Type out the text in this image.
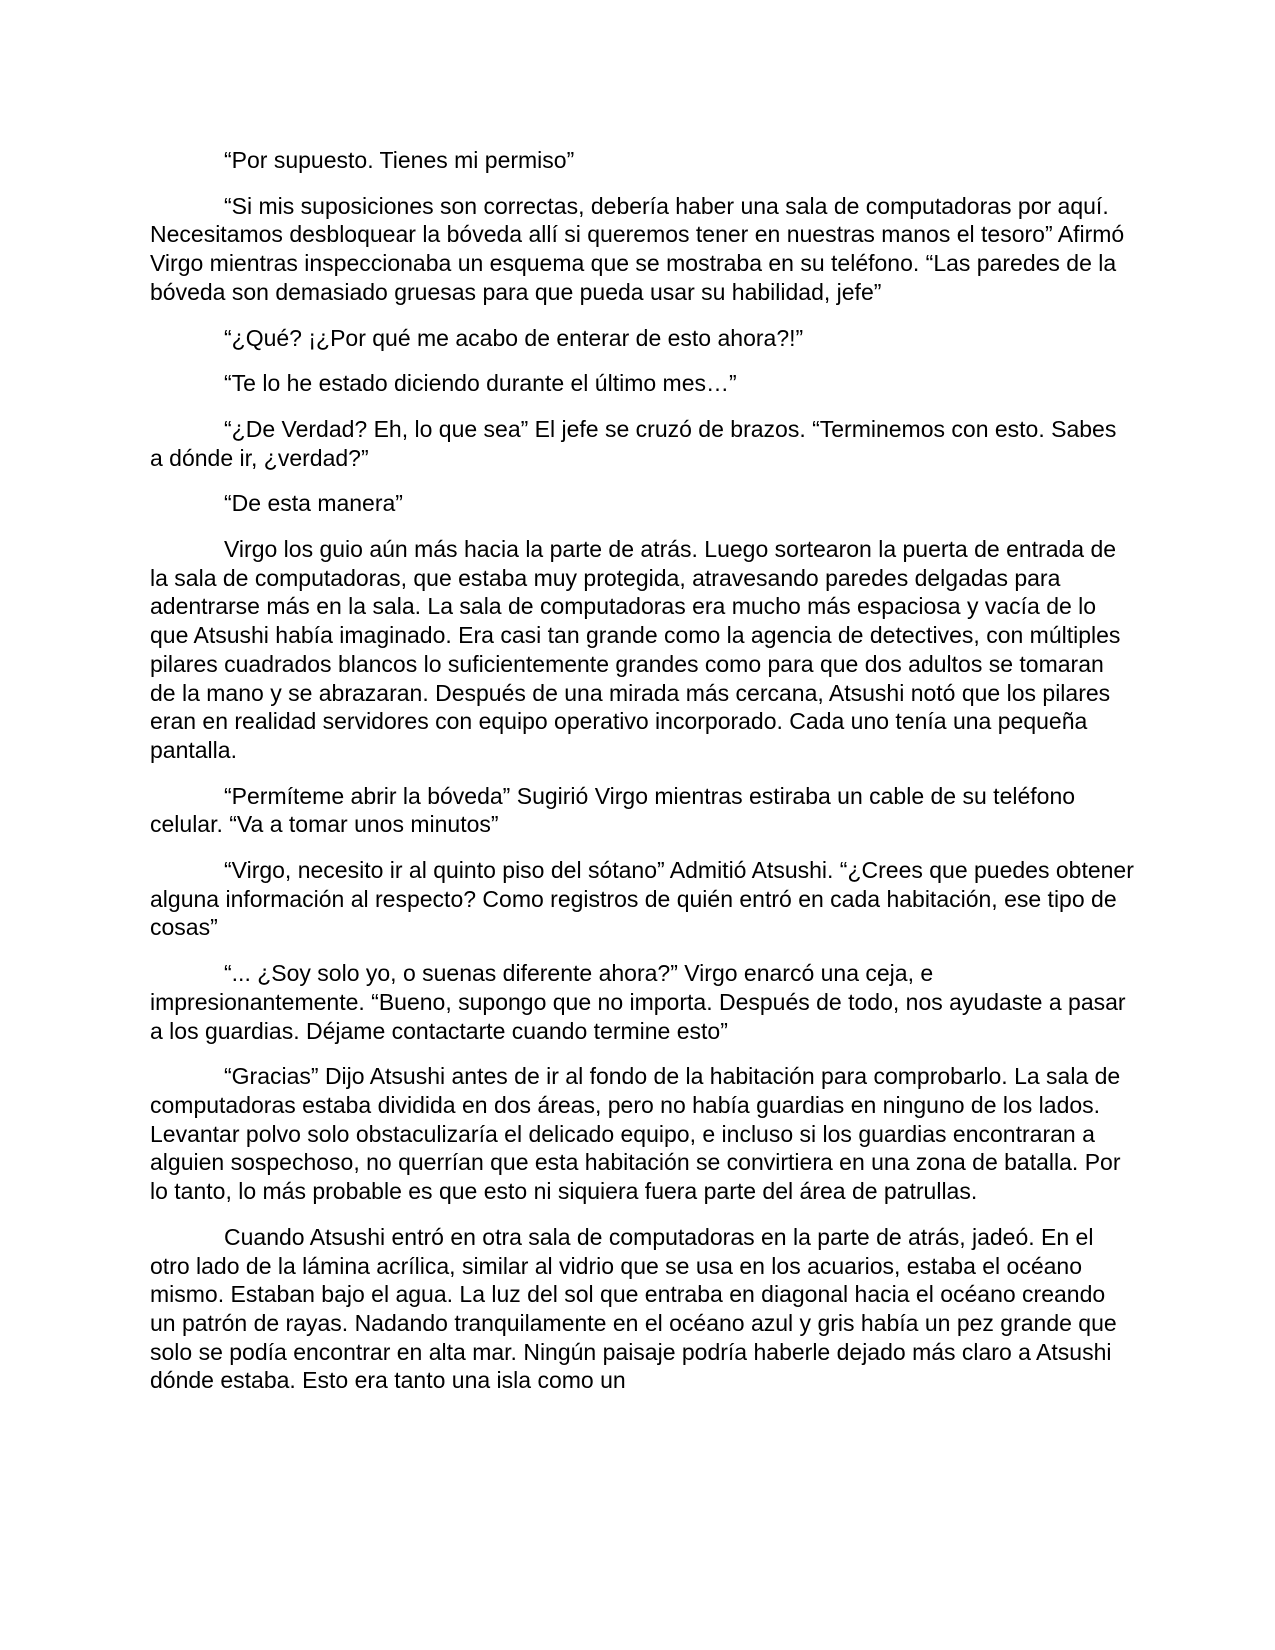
“Por supuesto. Tienes mi permiso”

“Si mis suposiciones son correctas, debería haber una sala de computadoras por aquí. Necesitamos desbloquear la bóveda allí si queremos tener en nuestras manos el tesoro” Afirmó Virgo mientras inspeccionaba un esquema que se mostraba en su teléfono. “Las paredes de la bóveda son demasiado gruesas para que pueda usar su habilidad, jefe”

“¿Qué? ¡¿Por qué me acabo de enterar de esto ahora?!”

“Te lo he estado diciendo durante el último mes…”

“¿De Verdad? Eh, lo que sea” El jefe se cruzó de brazos. “Terminemos con esto. Sabes a dónde ir, ¿verdad?”

“De esta manera”

Virgo los guio aún más hacia la parte de atrás. Luego sortearon la puerta de entrada de la sala de computadoras, que estaba muy protegida, atravesando paredes delgadas para adentrarse más en la sala. La sala de computadoras era mucho más espaciosa y vacía de lo que Atsushi había imaginado. Era casi tan grande como la agencia de detectives, con múltiples pilares cuadrados blancos lo suficientemente grandes como para que dos adultos se tomaran de la mano y se abrazaran. Después de una mirada más cercana, Atsushi notó que los pilares eran en realidad servidores con equipo operativo incorporado. Cada uno tenía una pequeña pantalla.

“Permíteme abrir la bóveda” Sugirió Virgo mientras estiraba un cable de su teléfono celular. “Va a tomar unos minutos”

“Virgo, necesito ir al quinto piso del sótano” Admitió Atsushi. “¿Crees que puedes obtener alguna información al respecto? Como registros de quién entró en cada habitación, ese tipo de cosas”

“... ¿Soy solo yo, o suenas diferente ahora?” Virgo enarcó una ceja, e impresionantemente. “Bueno, supongo que no importa. Después de todo, nos ayudaste a pasar a los guardias. Déjame contactarte cuando termine esto”

“Gracias” Dijo Atsushi antes de ir al fondo de la habitación para comprobarlo. La sala de computadoras estaba dividida en dos áreas, pero no había guardias en ninguno de los lados. Levantar polvo solo obstaculizaría el delicado equipo, e incluso si los guardias encontraran a alguien sospechoso, no querrían que esta habitación se convirtiera en una zona de batalla. Por lo tanto, lo más probable es que esto ni siquiera fuera parte del área de patrullas.

Cuando Atsushi entró en otra sala de computadoras en la parte de atrás, jadeó. En el otro lado de la lámina acrílica, similar al vidrio que se usa en los acuarios, estaba el océano mismo. Estaban bajo el agua. La luz del sol que entraba en diagonal hacia el océano creando un patrón de rayas. Nadando tranquilamente en el océano azul y gris había un pez grande que solo se podía encontrar en alta mar. Ningún paisaje podría haberle dejado más claro a Atsushi dónde estaba. Esto era tanto una isla como un
